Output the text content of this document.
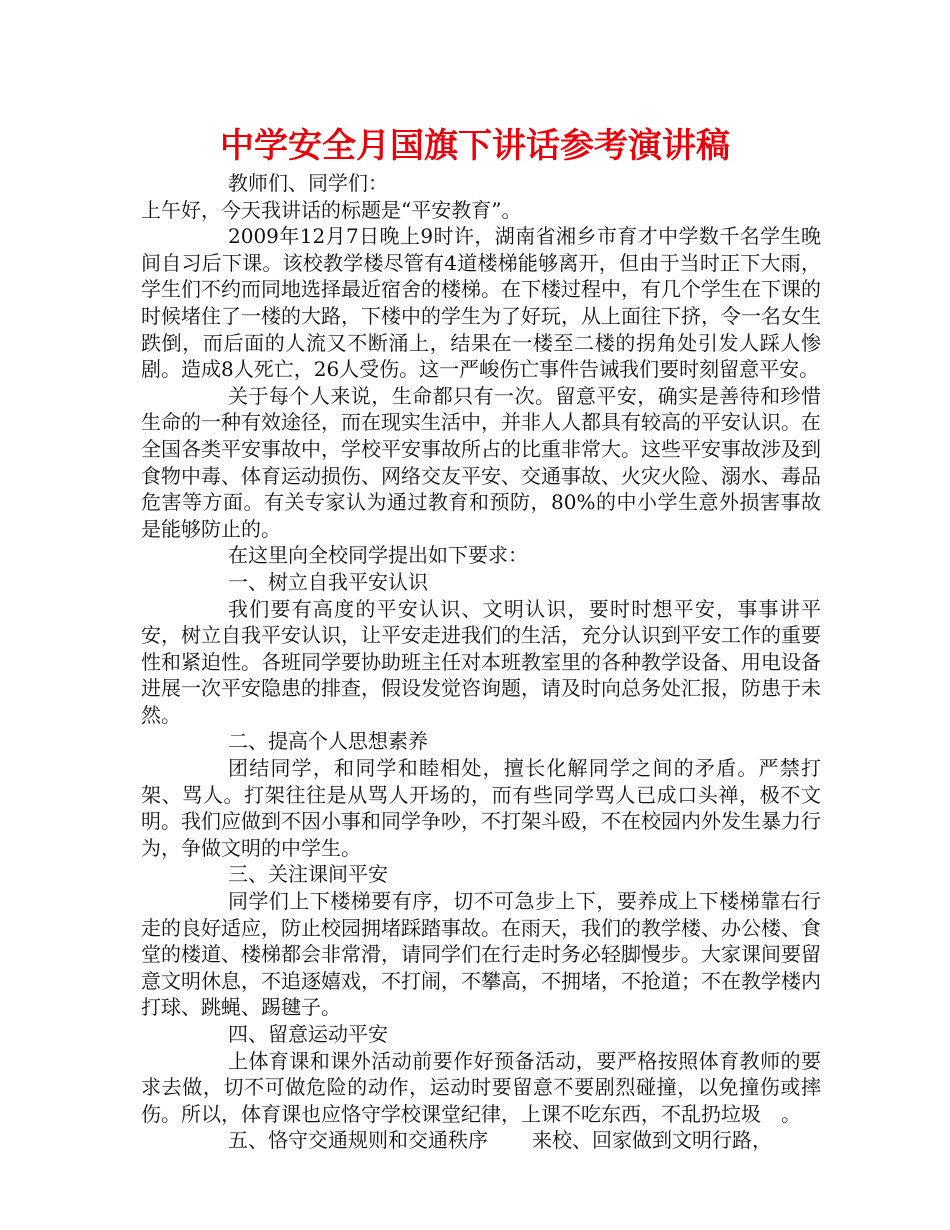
中学安全月国旗下讲话参考演讲稿

教师们、同学们：

上午好，今天我讲话的标题是“平安教育”。

2009年12月7日晚上9时许，湖南省湘乡市育才中学数千名学生晚间自习后下课。该校教学楼尽管有4道楼梯能够离开，但由于当时正下大雨，学生们不约而同地选择最近宿舍的楼梯。在下楼过程中，有几个学生在下课的时候堵住了一楼的大路，下楼中的学生为了好玩，从上面往下挤，令一名女生跌倒，而后面的人流又不断涌上，结果在一楼至二楼的拐角处引发人踩人惨剧。造成8人死亡，26人受伤。这一严峻伤亡事件告诫我们要时刻留意平安。

关于每个人来说，生命都只有一次。留意平安，确实是善待和珍惜生命的一种有效途径，而在现实生活中，并非人人都具有较高的平安认识。在全国各类平安事故中，学校平安事故所占的比重非常大。这些平安事故涉及到食物中毒、体育运动损伤、网络交友平安、交通事故、火灾火险、溺水、毒品危害等方面。有关专家认为通过教育和预防，80%的中小学生意外损害事故是能够防止的。

在这里向全校同学提出如下要求：

一、树立自我平安认识

我们要有高度的平安认识、文明认识，要时时想平安，事事讲平安，树立自我平安认识，让平安走进我们的生活，充分认识到平安工作的重要性和紧迫性。各班同学要协助班主任对本班教室里的各种教学设备、用电设备进展一次平安隐患的排查，假设发觉咨询题，请及时向总务处汇报，防患于未然。

二、提高个人思想素养

团结同学，和同学和睦相处，擅长化解同学之间的矛盾。严禁打架、骂人。打架往往是从骂人开场的，而有些同学骂人已成口头禅，极不文明。我们应做到不因小事和同学争吵，不打架斗殴，不在校园内外发生暴力行为，争做文明的中学生。

三、关注课间平安

同学们上下楼梯要有序，切不可急步上下，要养成上下楼梯靠右行走的良好适应，防止校园拥堵踩踏事故。在雨天，我们的教学楼、办公楼、食堂的楼道、楼梯都会非常滑，请同学们在行走时务必轻脚慢步。大家课间要留意文明休息，不追逐嬉戏，不打闹，不攀高，不拥堵，不抢道；不在教学楼内打球、跳蝇、踢毽子。

四、留意运动平安

上体育课和课外活动前要作好预备活动，要严格按照体育教师的要求去做，切不可做危险的动作，运动时要留意不要剧烈碰撞，以免撞伤或摔伤。所以，体育课也应恪守学校课堂纪律，上课不吃东西，不乱扔垃圾　。

五、恪守交通规则和交通秩序 来校、回家做到文明行路，
